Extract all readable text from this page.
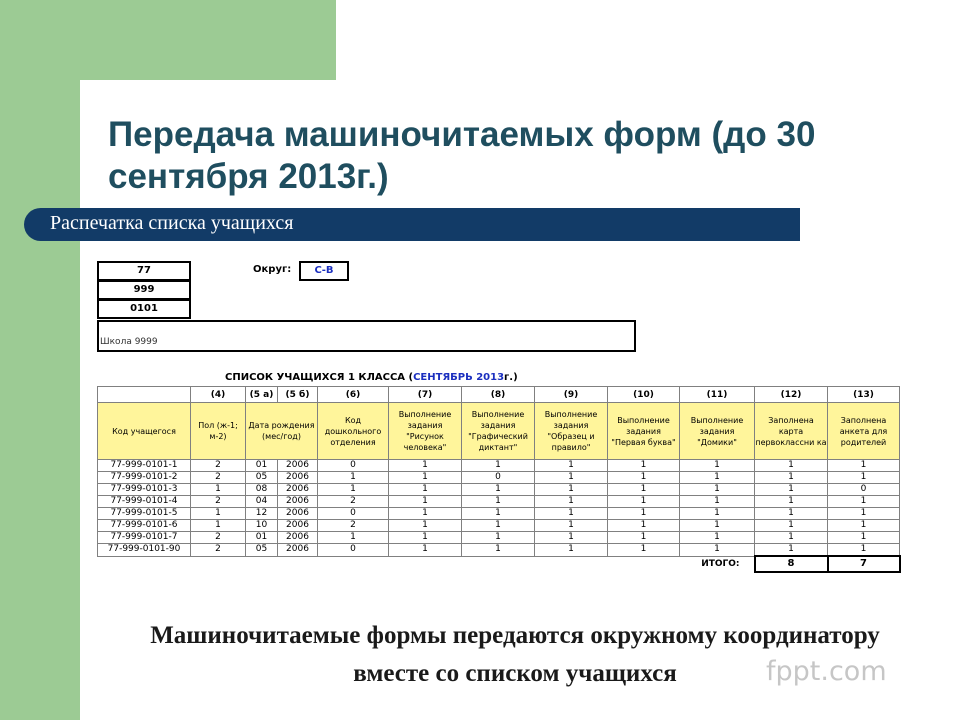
Передача машиночитаемых форм (до 30 сентября 2013г.)
Распечатка списка учащихся
77
999
0101
Округ:	С-В
Школа 9999
СПИСОК УЧАЩИХСЯ 1 КЛАССА (СЕНТЯБРЬ 2013г.)
	(4)	(5 а)	(5 б)	(6)	(7)	(8)	(9)	(10)	(11)	(12)	(13)
Код учащегося	Пол (ж-1; м-2)	Дата рождения (мес/год)		Код дошкольного отделения	Выполнение задания "Рисунок человека"	Выполнение задания "Графический диктант"	Выполнение задания "Образец и правило"	Выполнение задания "Первая буква"	Выполнение задания "Домики"	Заполнена карта первоклассни ка	Заполнена анкета для родителей
77-999-0101-1	2	01	2006	0	1	1	1	1	1	1	1
77-999-0101-2	2	05	2006	1	1	0	1	1	1	1	1
77-999-0101-3	1	08	2006	1	1	1	1	1	1	1	0
77-999-0101-4	2	04	2006	2	1	1	1	1	1	1	1
77-999-0101-5	1	12	2006	0	1	1	1	1	1	1	1
77-999-0101-6	1	10	2006	2	1	1	1	1	1	1	1
77-999-0101-7	2	01	2006	1	1	1	1	1	1	1	1
77-999-0101-90	2	05	2006	0	1	1	1	1	1	1	1
ИТОГО:										8	7
Машиночитаемые формы передаются окружному координатору вместе со списком учащихся	fppt.com
